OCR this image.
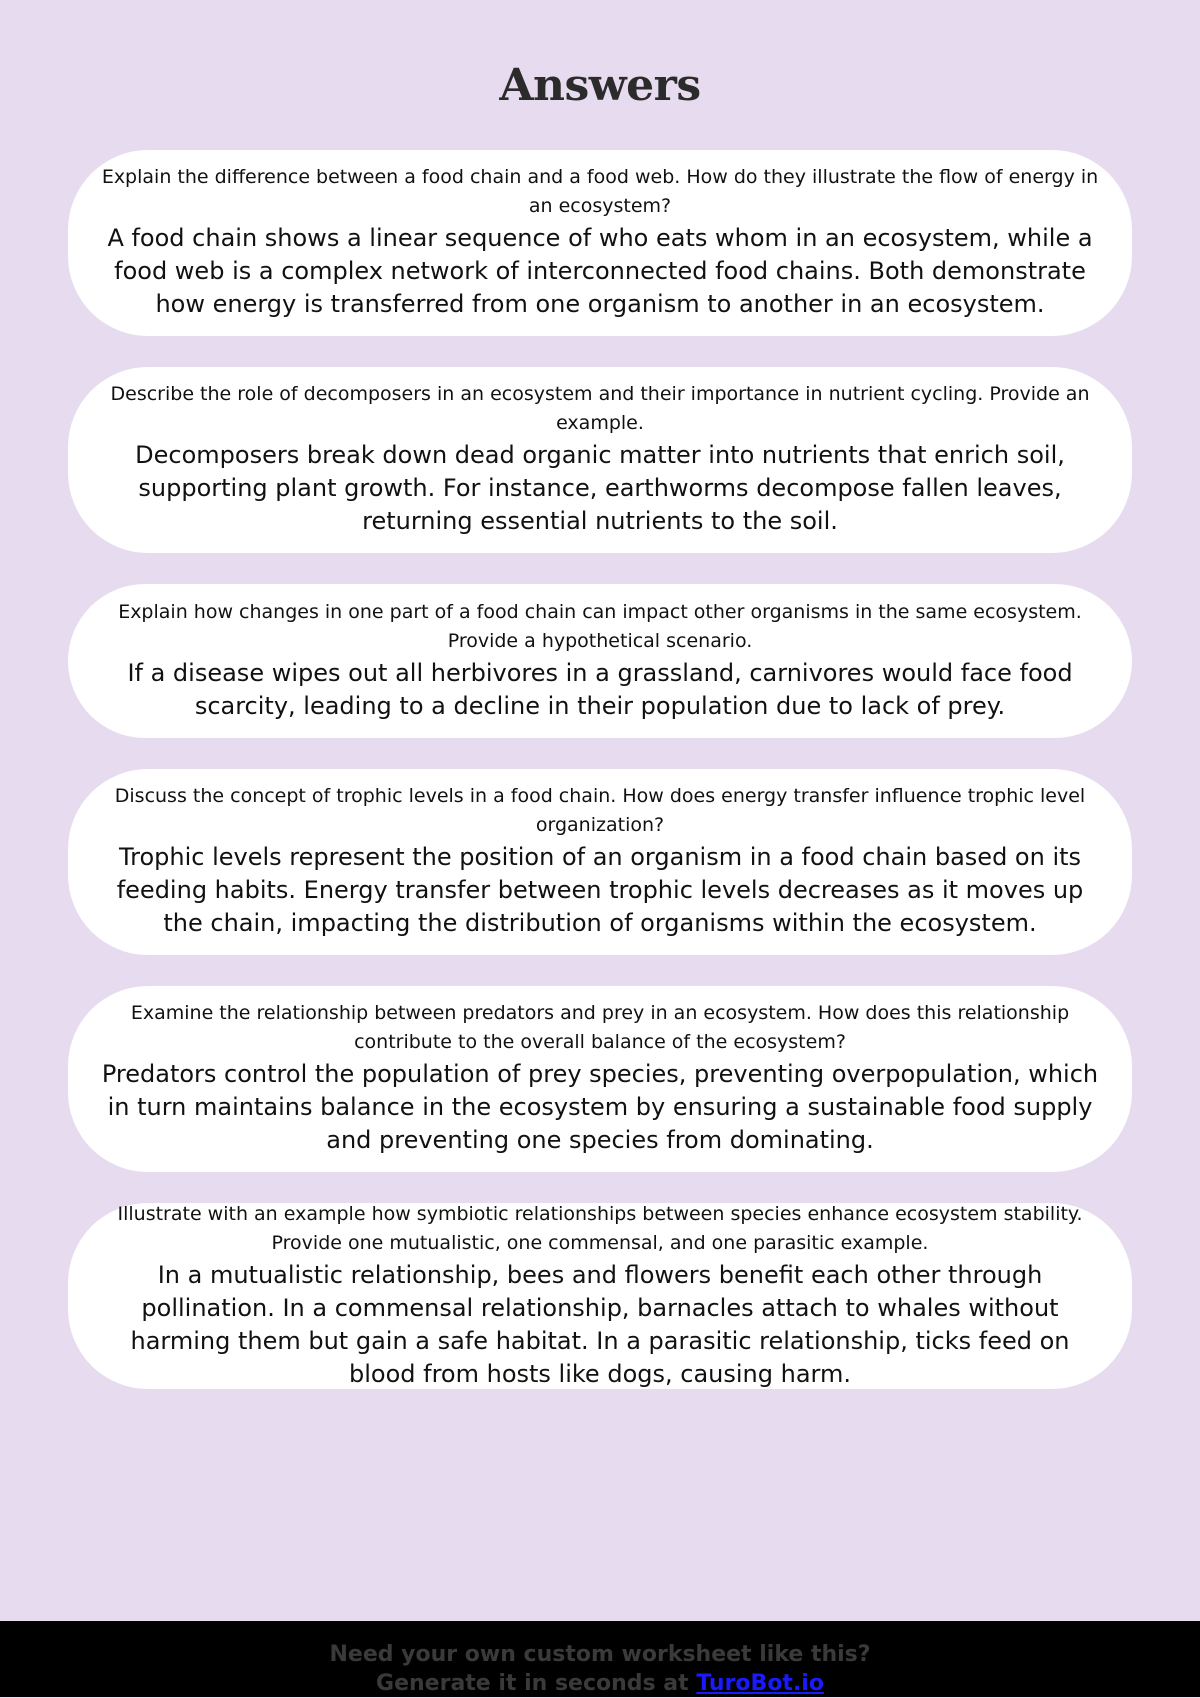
Answers

Explain the difference between a food chain and a food web. How do they illustrate the flow of energy in an ecosystem?

A food chain shows a linear sequence of who eats whom in an ecosystem, while a food web is a complex network of interconnected food chains. Both demonstrate how energy is transferred from one organism to another in an ecosystem.

Describe the role of decomposers in an ecosystem and their importance in nutrient cycling. Provide an example.

Decomposers break down dead organic matter into nutrients that enrich soil, supporting plant growth. For instance, earthworms decompose fallen leaves, returning essential nutrients to the soil.

Explain how changes in one part of a food chain can impact other organisms in the same ecosystem. Provide a hypothetical scenario.

If a disease wipes out all herbivores in a grassland, carnivores would face food scarcity, leading to a decline in their population due to lack of prey.

Discuss the concept of trophic levels in a food chain. How does energy transfer influence trophic level organization?

Trophic levels represent the position of an organism in a food chain based on its feeding habits. Energy transfer between trophic levels decreases as it moves up the chain, impacting the distribution of organisms within the ecosystem.

Examine the relationship between predators and prey in an ecosystem. How does this relationship contribute to the overall balance of the ecosystem?

Predators control the population of prey species, preventing overpopulation, which in turn maintains balance in the ecosystem by ensuring a sustainable food supply and preventing one species from dominating.

Illustrate with an example how symbiotic relationships between species enhance ecosystem stability. Provide one mutualistic, one commensal, and one parasitic example.

In a mutualistic relationship, bees and flowers benefit each other through pollination. In a commensal relationship, barnacles attach to whales without harming them but gain a safe habitat. In a parasitic relationship, ticks feed on blood from hosts like dogs, causing harm.

Need your own custom worksheet like this?
Generate it in seconds at TuroBot.io
